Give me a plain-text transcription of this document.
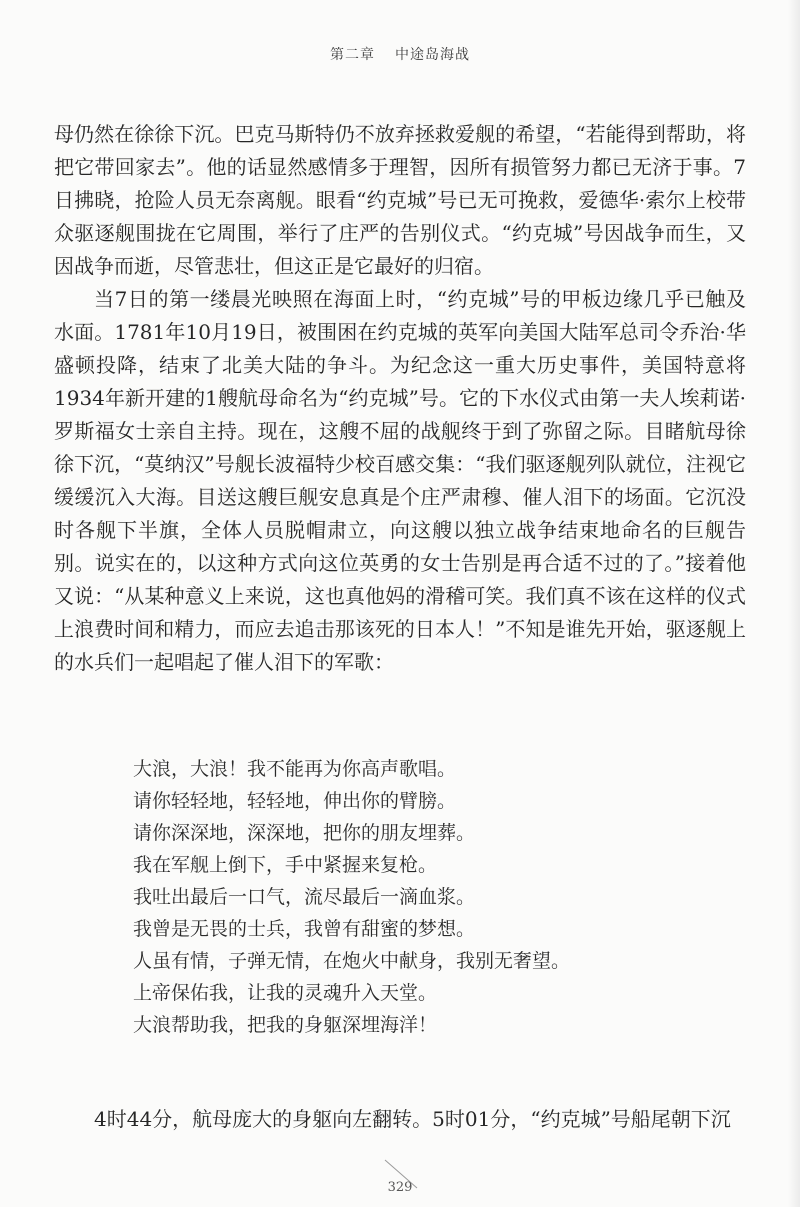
第二章 中途岛海战

母仍然在徐徐下沉。巴克马斯特仍不放弃拯救爱舰的希望，“若能得到帮助，将把它带回家去”。他的话显然感情多于理智，因所有损管努力都已无济于事。7日拂晓，抢险人员无奈离舰。眼看“约克城”号已无可挽救，爱德华·索尔上校带众驱逐舰围拢在它周围，举行了庄严的告别仪式。“约克城”号因战争而生，又因战争而逝，尽管悲壮，但这正是它最好的归宿。

当7日的第一缕晨光映照在海面上时，“约克城”号的甲板边缘几乎已触及水面。1781年10月19日，被围困在约克城的英军向美国大陆军总司令乔治·华盛顿投降，结束了北美大陆的争斗。为纪念这一重大历史事件，美国特意将1934年新开建的1艘航母命名为“约克城”号。它的下水仪式由第一夫人埃莉诺·罗斯福女士亲自主持。现在，这艘不屈的战舰终于到了弥留之际。目睹航母徐徐下沉，“莫纳汉”号舰长波福特少校百感交集：“我们驱逐舰列队就位，注视它缓缓沉入大海。目送这艘巨舰安息真是个庄严肃穆、催人泪下的场面。它沉没时各舰下半旗，全体人员脱帽肃立，向这艘以独立战争结束地命名的巨舰告别。说实在的，以这种方式向这位英勇的女士告别是再合适不过的了。”接着他又说：“从某种意义上来说，这也真他妈的滑稽可笑。我们真不该在这样的仪式上浪费时间和精力，而应去追击那该死的日本人！”不知是谁先开始，驱逐舰上的水兵们一起唱起了催人泪下的军歌：

大浪，大浪！我不能再为你高声歌唱。
请你轻轻地，轻轻地，伸出你的臂膀。
请你深深地，深深地，把你的朋友埋葬。
我在军舰上倒下，手中紧握来复枪。
我吐出最后一口气，流尽最后一滴血浆。
我曾是无畏的士兵，我曾有甜蜜的梦想。
人虽有情，子弹无情，在炮火中献身，我别无奢望。
上帝保佑我，让我的灵魂升入天堂。
大浪帮助我，把我的身躯深埋海洋！
4时44分，航母庞大的身躯向左翻转。5时01分，“约克城”号船尾朝下沉
329
